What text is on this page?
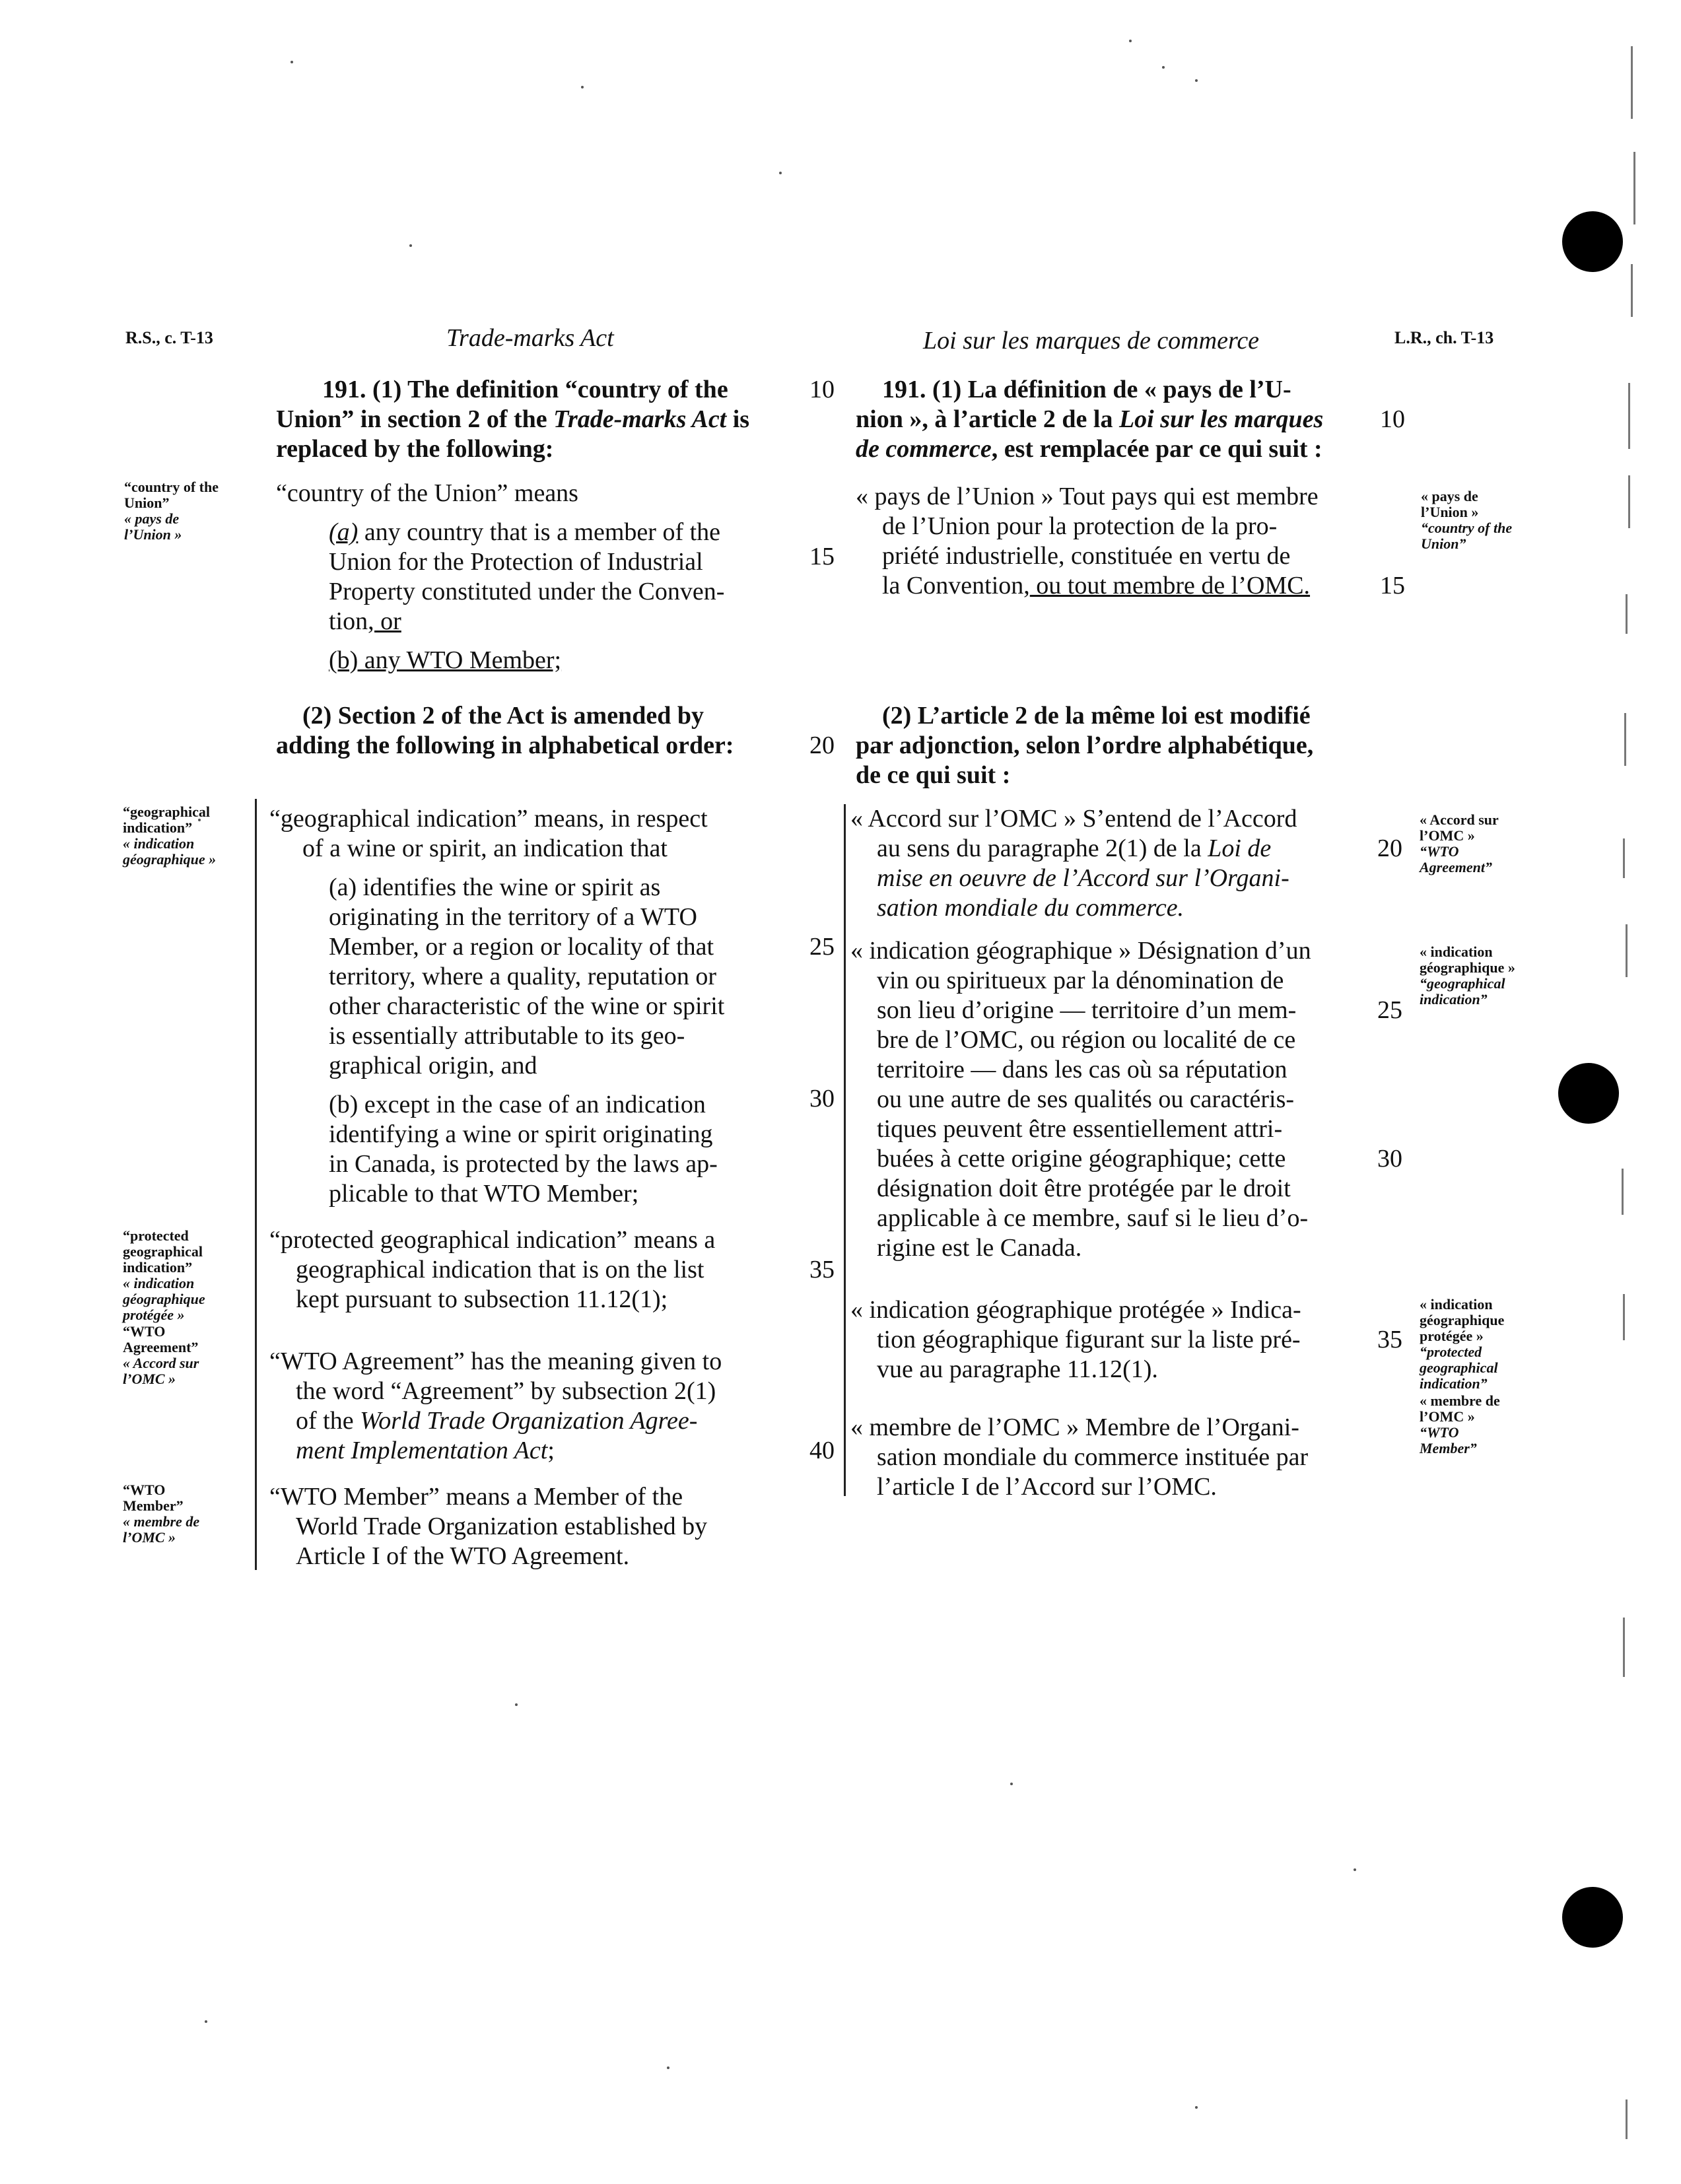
R.S., c. T-13	Trade-marks Act	Loi sur les marques de commerce	L.R., ch. T-13
191. (1) The definition “country of the
Union” in section 2 of the Trade-marks Act is
replaced by the following:
“country of the Union” means
(a) any country that is a member of the
Union for the Protection of Industrial
Property constituted under the Conven-
tion, or
(b) any WTO Member;
(2) Section 2 of the Act is amended by
adding the following in alphabetical order:
“geographical indication” means, in respect
of a wine or spirit, an indication that
(a) identifies the wine or spirit as
originating in the territory of a WTO
Member, or a region or locality of that
territory, where a quality, reputation or
other characteristic of the wine or spirit
is essentially attributable to its geo-
graphical origin, and
(b) except in the case of an indication
identifying a wine or spirit originating
in Canada, is protected by the laws ap-
plicable to that WTO Member;
“protected geographical indication” means a
geographical indication that is on the list
kept pursuant to subsection 11.12(1);
“WTO Agreement” has the meaning given to
the word “Agreement” by subsection 2(1)
of the World Trade Organization Agree-
ment Implementation Act;
“WTO Member” means a Member of the
World Trade Organization established by
Article I of the WTO Agreement.
191. (1) La définition de « pays de l’U-
nion », à l’article 2 de la Loi sur les marques
de commerce, est remplacée par ce qui suit :
« pays de l’Union » Tout pays qui est membre
de l’Union pour la protection de la pro-
priété industrielle, constituée en vertu de
la Convention, ou tout membre de l’OMC.
(2) L’article 2 de la même loi est modifié
par adjonction, selon l’ordre alphabétique,
de ce qui suit :
« Accord sur l’OMC » S’entend de l’Accord
au sens du paragraphe 2(1) de la Loi de
mise en oeuvre de l’Accord sur l’Organi-
sation mondiale du commerce.
« indication géographique » Désignation d’un
vin ou spiritueux par la dénomination de
son lieu d’origine — territoire d’un mem-
bre de l’OMC, ou région ou localité de ce
territoire — dans les cas où sa réputation
ou une autre de ses qualités ou caractéris-
tiques peuvent être essentiellement attri-
buées à cette origine géographique; cette
désignation doit être protégée par le droit
applicable à ce membre, sauf si le lieu d’o-
rigine est le Canada.
« indication géographique protégée » Indica-
tion géographique figurant sur la liste pré-
vue au paragraphe 11.12(1).
« membre de l’OMC » Membre de l’Organi-
sation mondiale du commerce instituée par
l’article I de l’Accord sur l’OMC.
10
10
15
15
20
20
25
25
30
30
35
35
40
“country of the
Union”
« pays de
l’Union »
“geographical
indication”
« indication
géographique »
“protected
geographical
indication”
« indication
géographique
protégée »
“WTO
Agreement”
« Accord sur
l’OMC »
“WTO
Member”
« membre de
l’OMC »
« pays de
l’Union »
“country of the
Union”
« Accord sur
l’OMC »
“WTO
Agreement”
« indication
géographique »
“geographical
indication”
« indication
géographique
protégée »
“protected
geographical
indication”
« membre de
l’OMC »
“WTO
Member”
